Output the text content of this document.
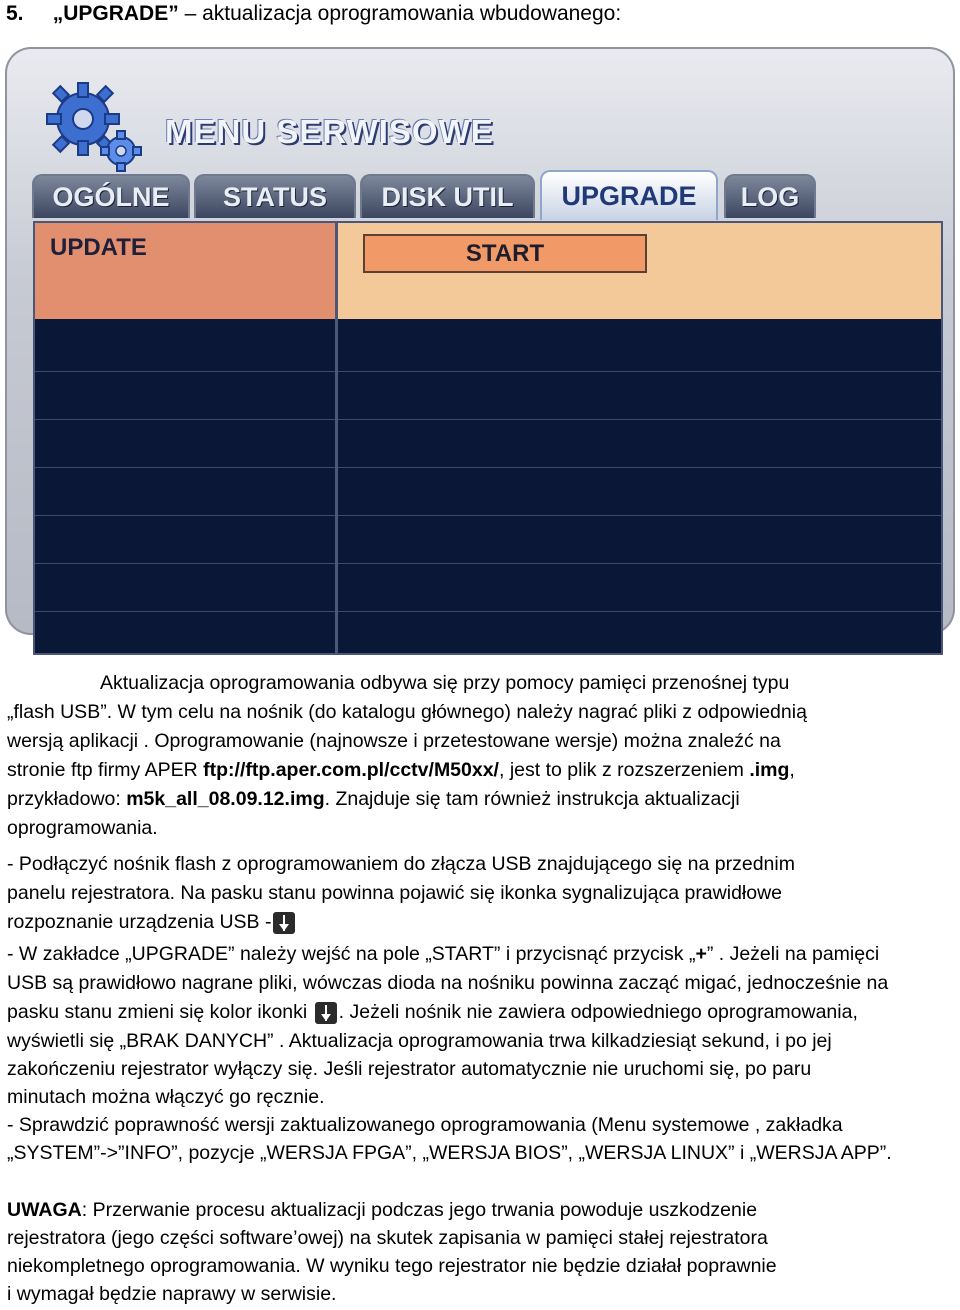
5. „UPGRADE” – aktualizacja oprogramowania wbudowanego:
MENU SERWISOWE
OGÓLNE	STATUS	DISK UTIL	UPGRADE	LOG
UPDATE	START
Aktualizacja oprogramowania odbywa się przy pomocy pamięci przenośnej typu
„flash USB”. W tym celu na nośnik (do katalogu głównego) należy nagrać pliki z odpowiednią
wersją aplikacji . Oprogramowanie (najnowsze i przetestowane wersje) można znaleźć na
stronie ftp firmy APER ftp://ftp.aper.com.pl/cctv/M50xx/, jest to plik z rozszerzeniem .img,
przykładowo: m5k_all_08.09.12.img. Znajduje się tam również instrukcja aktualizacji
oprogramowania.
- Podłączyć nośnik flash z oprogramowaniem do złącza USB znajdującego się na przednim
panelu rejestratora. Na pasku stanu powinna pojawić się ikonka sygnalizująca prawidłowe
rozpoznanie urządzenia USB -
- W zakładce „UPGRADE” należy wejść na pole „START” i przycisnąć przycisk „+” . Jeżeli na pamięci
USB są prawidłowo nagrane pliki, wówczas dioda na nośniku powinna zacząć migać, jednocześnie na
pasku stanu zmieni się kolor ikonki . Jeżeli nośnik nie zawiera odpowiedniego oprogramowania,
wyświetli się „BRAK DANYCH” . Aktualizacja oprogramowania trwa kilkadziesiąt sekund, i po jej
zakończeniu rejestrator wyłączy się. Jeśli rejestrator automatycznie nie uruchomi się, po paru
minutach można włączyć go ręcznie.
- Sprawdzić poprawność wersji zaktualizowanego oprogramowania (Menu systemowe , zakładka
„SYSTEM”->”INFO”, pozycje „WERSJA FPGA”, „WERSJA BIOS”, „WERSJA LINUX” i „WERSJA APP”.
UWAGA: Przerwanie procesu aktualizacji podczas jego trwania powoduje uszkodzenie
rejestratora (jego części software’owej) na skutek zapisania w pamięci stałej rejestratora
niekompletnego oprogramowania. W wyniku tego rejestrator nie będzie działał poprawnie
i wymagał będzie naprawy w serwisie.
